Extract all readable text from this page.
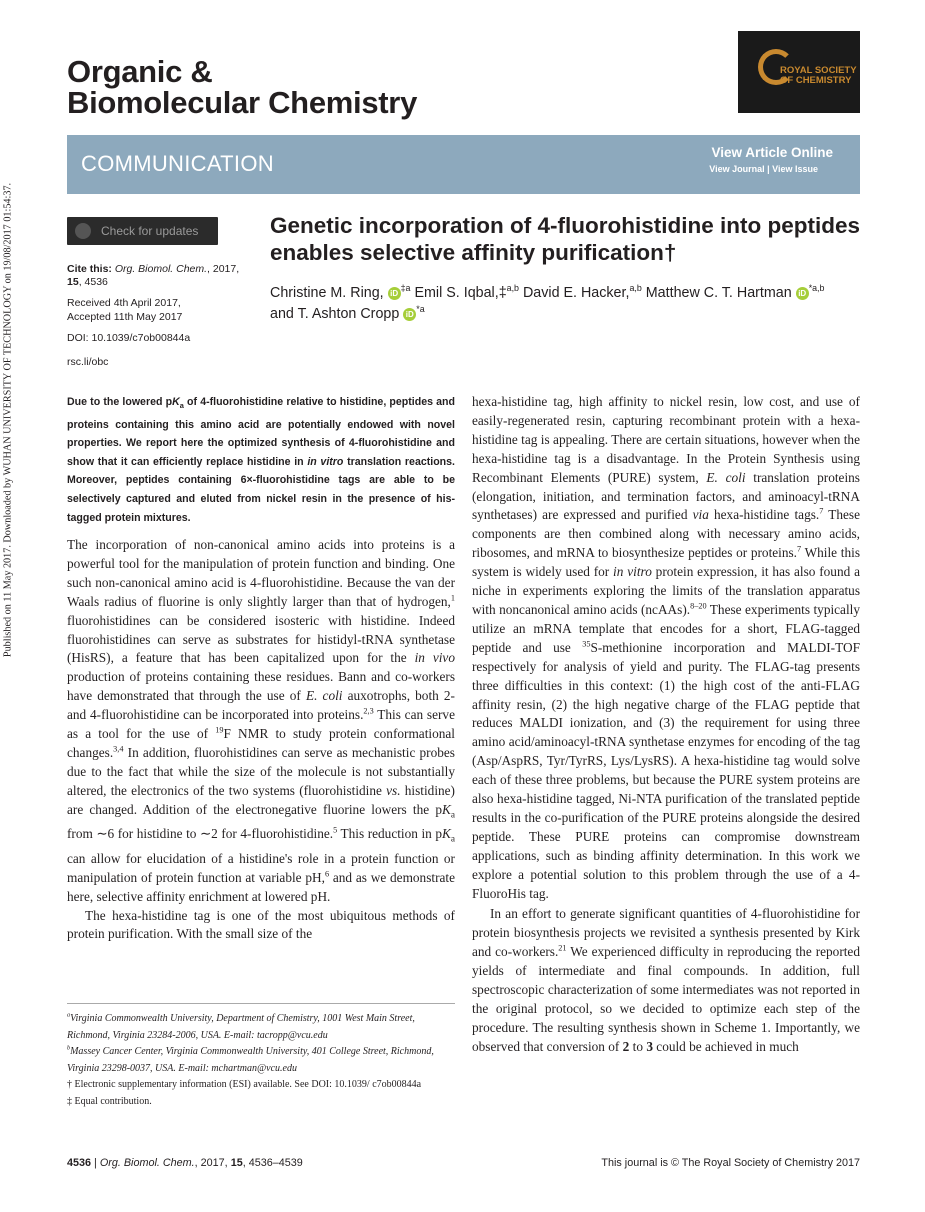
Published on 11 May 2017. Downloaded by WUHAN UNIVERSITY OF TECHNOLOGY on 19/08/2017 01:54:37.
Organic &
Biomolecular Chemistry
ROYAL SOCIETY
OF CHEMISTRY
COMMUNICATION	View Article Online
View Journal | View Issue
Check for updates
Cite this: Org. Biomol. Chem., 2017,
15, 4536
Received 4th April 2017,
Accepted 11th May 2017
DOI: 10.1039/c7ob00844a
rsc.li/obc
Genetic incorporation of 4-fluorohistidine into peptides enables selective affinity purification†
Christine M. Ring, $iD^{\ddagger a}$ Emil S. Iqbal,‡$^{a,b}$ David E. Hacker,$^{a,b}$ Matthew C. T. Hartman iD$^{*a,b}$
and T. Ashton Cropp $iD^{*a}$
Due to the lowered $pK_a$ of 4-fluorohistidine relative to histidine, peptides and proteins containing this amino acid are potentially endowed with novel properties. We report here the optimized synthesis of 4-fluorohistidine and show that it can efficiently replace histidine in in vitro translation reactions. Moreover, peptides containing 6×-fluorohistidine tags are able to be selectively captured and eluted from nickel resin in the presence of his-tagged protein mixtures.

The incorporation of non-canonical amino acids into proteins is a powerful tool for the manipulation of protein function and binding. One such non-canonical amino acid is 4-fluorohistidine. Because the van der Waals radius of fluorine is only slightly larger than that of hydrogen,$^1$ fluorohistidines can be considered isosteric with histidine. Indeed fluorohistidines can serve as substrates for histidyl-tRNA synthetase (HisRS), a feature that has been capitalized upon for the in vivo production of proteins containing these residues. Bann and co-workers have demonstrated that through the use of E. coli auxotrophs, both 2- and 4-fluorohistidine can be incorporated into proteins.$^{2,3}$ This can serve as a tool for the use of $^{19}$F NMR to study protein conformational changes.$^{3,4}$ In addition, fluorohistidines can serve as mechanistic probes due to the fact that while the size of the molecule is not substantially altered, the electronics of the two systems (fluorohistidine vs. histidine) are changed. Addition of the electronegative fluorine lowers the $pK_a$ from ∼6 for histidine to ∼2 for 4-fluorohistidine.$^5$ This reduction in $pK_a$ can allow for elucidation of a histidine's role in a protein function or manipulation of protein function at variable pH,$^6$ and as we demonstrate here, selective affinity enrichment at lowered pH.

The hexa-histidine tag is one of the most ubiquitous methods of protein purification. With the small size of the

hexa-histidine tag, high affinity to nickel resin, low cost, and use of easily-regenerated resin, capturing recombinant protein with a hexa-histidine tag is appealing. There are certain situations, however when the hexa-histidine tag is a disadvantage. In the Protein Synthesis using Recombinant Elements (PURE) system, E. coli translation proteins (elongation, initiation, and termination factors, and aminoacyl-tRNA synthetases) are expressed and purified via hexa-histidine tags.$^7$ These components are then combined along with necessary amino acids, ribosomes, and mRNA to biosynthesize peptides or proteins.$^7$ While this system is widely used for in vitro protein expression, it has also found a niche in experiments exploring the limits of the translation apparatus with noncanonical amino acids (ncAAs).$^{8-20}$ These experiments typically utilize an mRNA template that encodes for a short, FLAG-tagged peptide and use $^{35}$S-methionine incorporation and MALDI-TOF respectively for analysis of yield and purity. The FLAG-tag presents three difficulties in this context: (1) the high cost of the anti-FLAG affinity resin, (2) the high negative charge of the FLAG peptide that reduces MALDI ionization, and (3) the requirement for using three amino acid/aminoacyl-tRNA synthetase enzymes for encoding of the tag (Asp/AspRS, Tyr/TyrRS, Lys/LysRS). A hexa-histidine tag would solve each of these three problems, but because the PURE system proteins are also hexa-histidine tagged, Ni-NTA purification of the translated peptide results in the co-purification of the PURE proteins alongside the desired peptide. These PURE proteins can compromise downstream applications, such as binding affinity determination. In this work we explore a potential solution to this problem through the use of a 4-FluoroHis tag.

In an effort to generate significant quantities of 4-fluorohistidine for protein biosynthesis projects we revisited a synthesis presented by Kirk and co-workers.$^{21}$ We experienced difficulty in reproducing the reported yields of intermediate and final compounds. In addition, full spectroscopic characterization of some intermediates was not reported in the original protocol, so we decided to optimize each step of the procedure. The resulting synthesis shown in Scheme 1. Importantly, we observed that conversion of 2 to 3 could be achieved in much

$^a$Virginia Commonwealth University, Department of Chemistry, 1001 West Main Street, Richmond, Virginia 23284-2006, USA. E-mail: tacropp@vcu.edu

$^b$Massey Cancer Center, Virginia Commonwealth University, 401 College Street, Richmond, Virginia 23298-0037, USA. E-mail: mchartman@vcu.edu

† Electronic supplementary information (ESI) available. See DOI: 10.1039/ c7ob00844a

‡ Equal contribution.

4536 | Org. Biomol. Chem., 2017, 15, 4536–4539	This journal is © The Royal Society of Chemistry 2017
